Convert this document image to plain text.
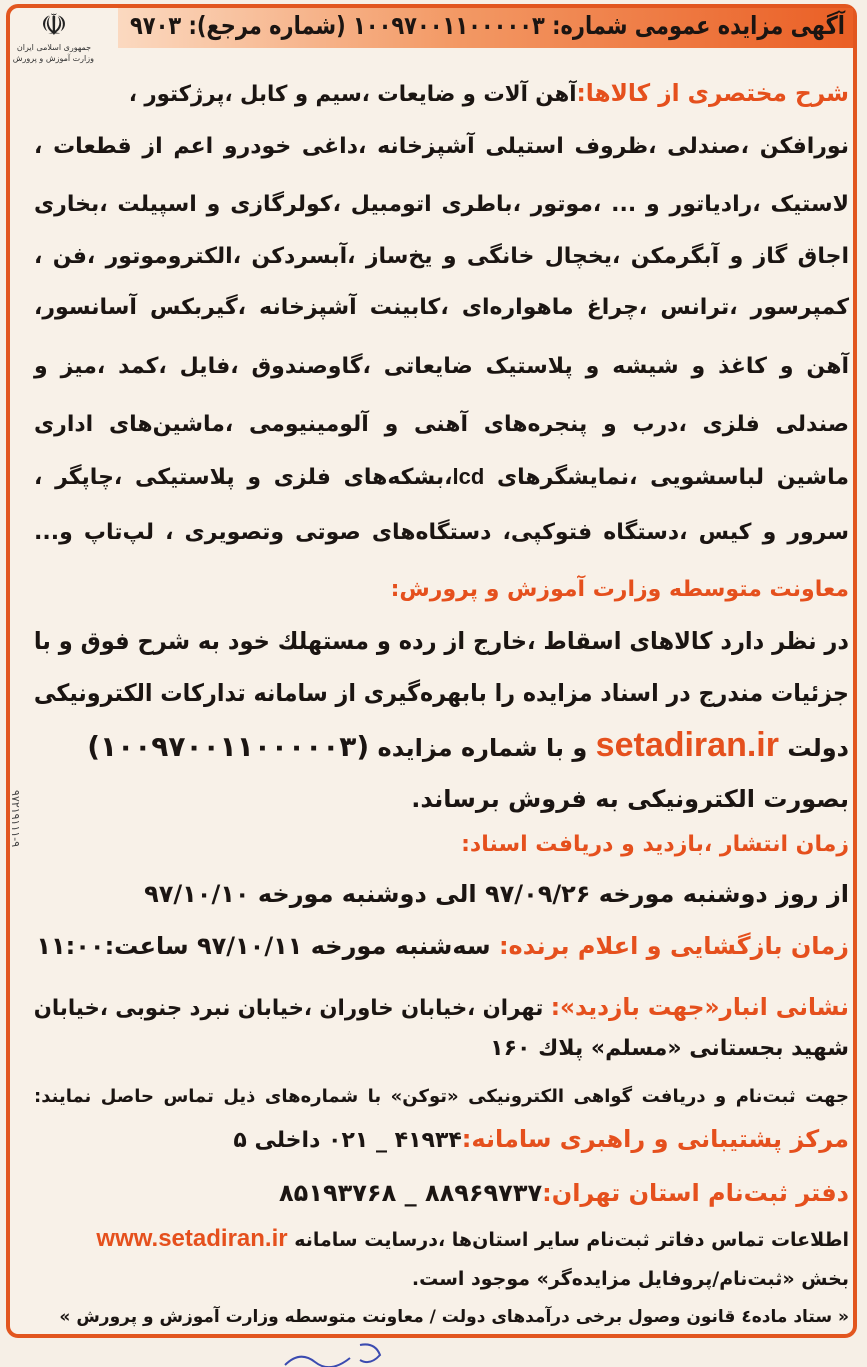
☫
جمهوری اسلامی ایران
وزارت آموزش و پرورش
آگهی مزایده عمومی شماره: ۱۰۰۹۷۰۰۱۱۰۰۰۰۰۳ (شماره مرجع): ۹۷۰۳
شرح مختصری از کالاها:آهن آلات و ضایعات ،سیم و کابل ،پرژکتور ،
نورافکن ،صندلی ،ظروف استیلی آشپزخانه ،داغی خودرو اعم از قطعات ،
لاستیک ،رادیاتور و ... ،موتور ،باطری اتومبیل ،کولرگازی و اسپیلت ،بخاری
اجاق گاز و آبگرمکن ،یخچال خانگی و یخ‌ساز ،آبسردکن ،الکتروموتور ،فن ،
کمپرسور ،ترانس ،چراغ ماهواره‌ای ،کابینت آشپزخانه ،گیربکس آسانسور،
آهن و کاغذ و شیشه و پلاستیک ضایعاتی ،گاوصندوق ،فایل ،کمد ،میز و
صندلی فلزی ،درب و پنجره‌های آهنی و آلومینیومی ،ماشین‌های اداری
ماشین لباسشویی ،نمایشگرهای lcd،بشکه‌های فلزی و پلاستیکی ،چاپگر ،
سرور و کیس ،دستگاه فتوکپی، دستگاه‌های صوتی وتصویری ، لپ‌تاپ و...
معاونت متوسطه وزارت آموزش و پرورش:
در نظر دارد کالاهای اسقاط ،خارج از رده و مستهلك خود به شرح فوق و با
جزئیات مندرج در اسناد مزایده را بابهره‌گیری از سامانه تدارکات الکترونیکی
دولت setadiran.ir و با شماره مزایده (۱۰۰۹۷۰۰۱۱۰۰۰۰۰۳)
بصورت الکترونیکی به فروش برساند.
زمان انتشار ،بازدید و دریافت اسناد:
از روز دوشنبه مورخه ۹۷/۰۹/۲۶ الی دوشنبه مورخه ۹۷/۱۰/۱۰
زمان بازگشایی و اعلام برنده: سه‌شنبه مورخه ۹۷/۱۰/۱۱ ساعت:۱۱:۰۰
نشانی انبار«جهت بازدید»: تهران ،خیابان خاوران ،خیابان نبرد جنوبی ،خیابان
شهید بجستانی «مسلم» پلاك ۱۶۰
جهت ثبت‌نام و دریافت گواهی الکترونیکی «توکن» با شماره‌های ذیل تماس حاصل نمایند:
مرکز پشتیبانی و راهبری سامانه:۴۱۹۳۴ _ ۰۲۱ داخلی ۵
دفتر ثبت‌نام استان تهران:۸۸۹۶۹۷۳۷ _ ۸۵۱۹۳۷۶۸
اطلاعات تماس دفاتر ثبت‌نام سایر استان‌ها ،درسایت سامانه www.setadiran.ir
بخش «ثبت‌نام/پروفایل مزایده‌گر» موجود است.
« ستاد ماده٤ قانون وصول برخی درآمدهای دولت / معاونت متوسطه وزارت آموزش و پرورش »
۹۷۲۱۹۱۱۱-۹
